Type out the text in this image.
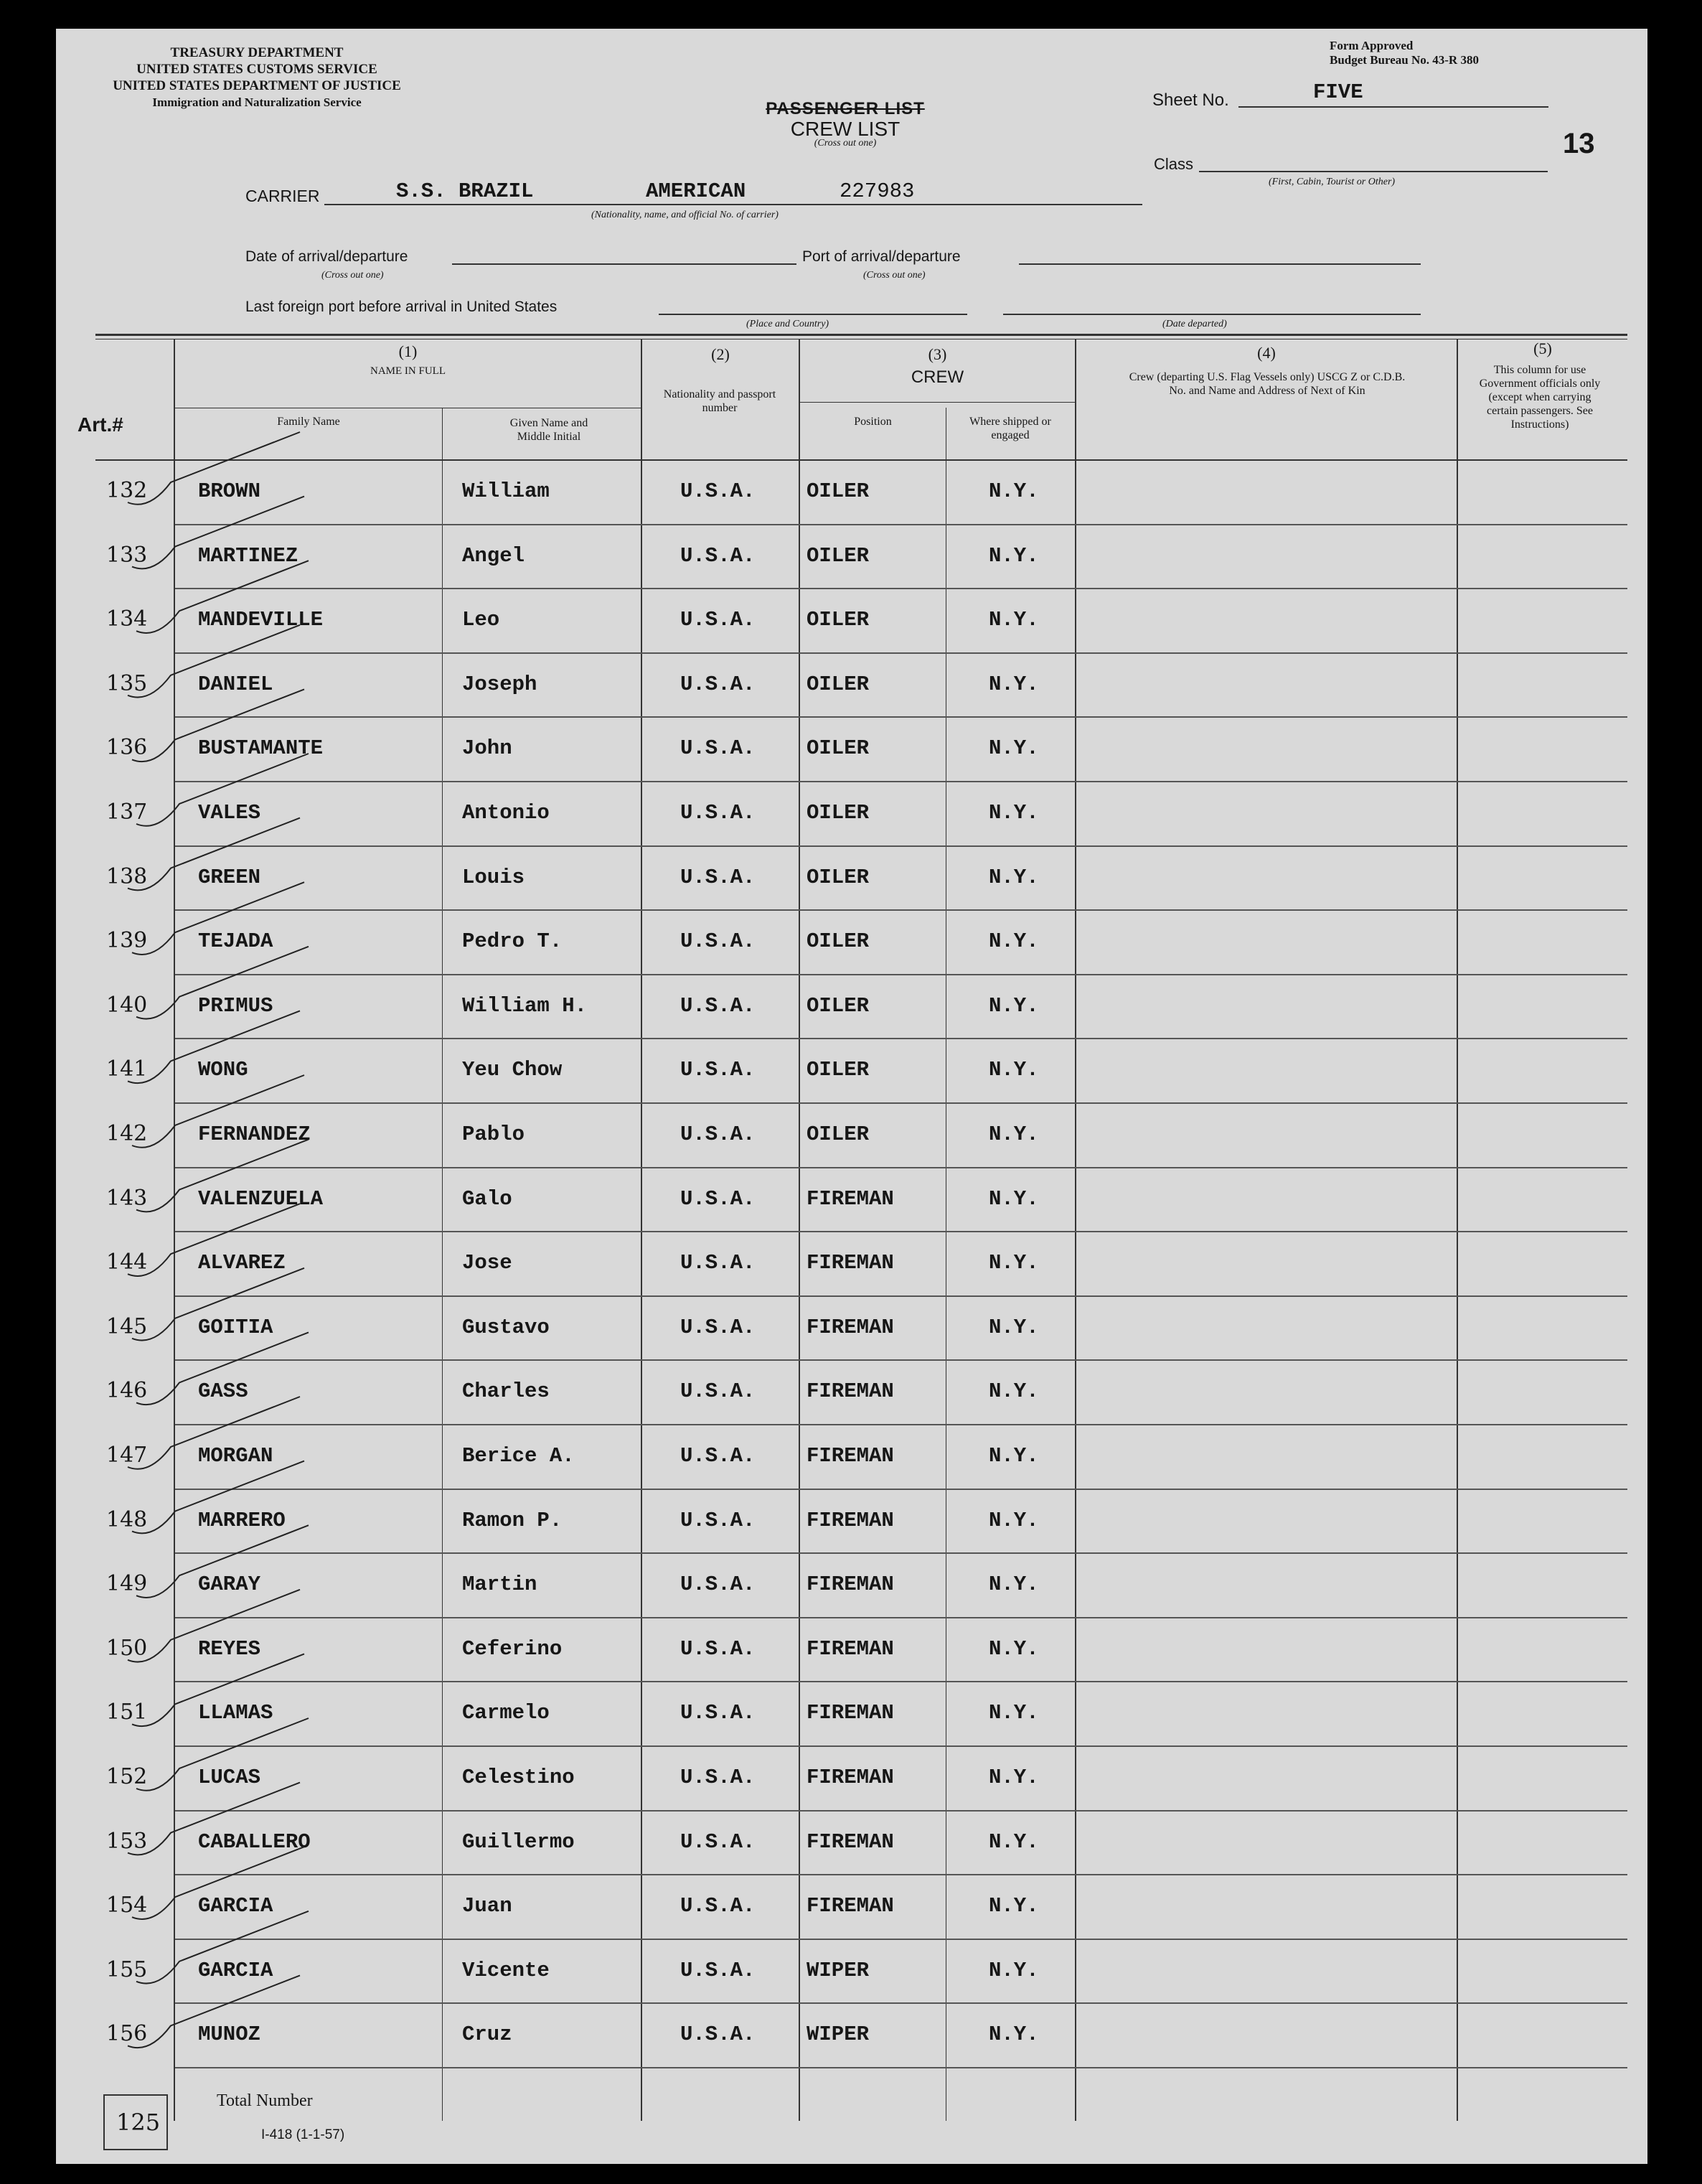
TREASURY DEPARTMENT
UNITED STATES CUSTOMS SERVICE
UNITED STATES DEPARTMENT OF JUSTICE
Immigration and Naturalization Service
Form Approved
Budget Bureau No. 43-R 380
PASSENGER LIST
CREW LIST
(Cross out one)
Sheet No.	FIVE
13
Class
(First, Cabin, Tourist or Other)
CARRIER	S.S. BRAZIL	AMERICAN	227983
(Nationality, name, and official No. of carrier)
Date of arrival/departure
(Cross out one)
Port of arrival/departure
(Cross out one)
Last foreign port before arrival in United States
(Place and Country)	(Date departed)
Art.#
(1)
NAME IN FULL
Family Name	Given Name and Middle Initial
(2)
Nationality and passport number
(3)
CREW
Position	Where shipped or engaged
(4)
Crew (departing U.S. Flag Vessels only) USCG Z or C.D.B. No. and Name and Address of Next of Kin
(5)
This column for use Government officials only (except when carrying certain passengers. See Instructions)
132 BROWN	William	U.S.A. OILER	N.Y.
133 MARTINEZ	Angel	U.S.A. OILER	N.Y.
134 MANDEVILLE	Leo	U.S.A. OILER	N.Y.
135 DANIEL	Joseph	U.S.A. OILER	N.Y.
136 BUSTAMANTE	John	U.S.A. OILER	N.Y.
137 VALES	Antonio	U.S.A. OILER	N.Y.
138 GREEN	Louis	U.S.A. OILER	N.Y.
139 TEJADA	Pedro T.	U.S.A. OILER	N.Y.
140 PRIMUS	William H.	U.S.A. OILER	N.Y.
141 WONG	Yeu Chow	U.S.A. OILER	N.Y.
142 FERNANDEZ	Pablo	U.S.A. OILER	N.Y.
143 VALENZUELA	Galo	U.S.A. FIREMAN	N.Y.
144 ALVAREZ	Jose	U.S.A. FIREMAN	N.Y.
145 GOITIA	Gustavo	U.S.A. FIREMAN	N.Y.
146 GASS	Charles	U.S.A. FIREMAN	N.Y.
147 MORGAN	Berice A.	U.S.A. FIREMAN	N.Y.
148 MARRERO	Ramon P.	U.S.A. FIREMAN	N.Y.
149 GARAY	Martin	U.S.A. FIREMAN	N.Y.
150 REYES	Ceferino	U.S.A. FIREMAN	N.Y.
151 LLAMAS	Carmelo	U.S.A. FIREMAN	N.Y.
152 LUCAS	Celestino	U.S.A. FIREMAN	N.Y.
153 CABALLERO	Guillermo	U.S.A. FIREMAN	N.Y.
154 GARCIA	Juan	U.S.A. FIREMAN	N.Y.
155 GARCIA	Vicente	U.S.A. WIPER	N.Y.
156 MUNOZ	Cruz	U.S.A. WIPER	N.Y.
125
Total Number
I-418 (1-1-57)
